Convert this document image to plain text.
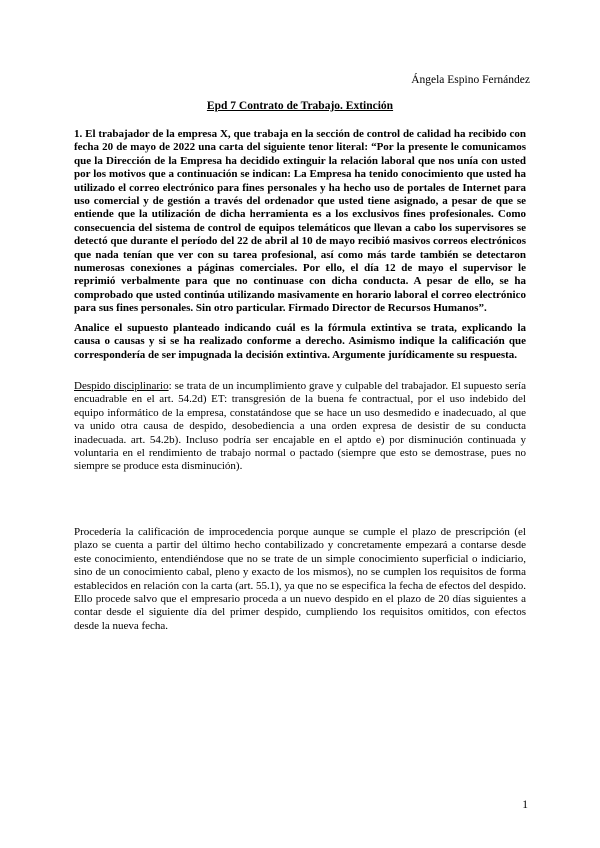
Ángela Espino Fernández
Epd 7 Contrato de Trabajo. Extinción

1. El trabajador de la empresa X, que trabaja en la sección de control de calidad ha recibido con fecha 20 de mayo de 2022 una carta del siguiente tenor literal: “Por la presente le comunicamos que la Dirección de la Empresa ha decidido extinguir la relación laboral que nos unía con usted por los motivos que a continuación se indican: La Empresa ha tenido conocimiento que usted ha utilizado el correo electrónico para fines personales y ha hecho uso de portales de Internet para uso comercial y de gestión a través del ordenador que usted tiene asignado, a pesar de que se entiende que la utilización de dicha herramienta es a los exclusivos fines profesionales. Como consecuencia del sistema de control de equipos telemáticos que llevan a cabo los supervisores se detectó que durante el período del 22 de abril al 10 de mayo recibió masivos correos electrónicos que nada tenían que ver con su tarea profesional, así como más tarde también se detectaron numerosas conexiones a páginas comerciales. Por ello, el día 12 de mayo el supervisor le reprimió verbalmente para que no continuase con dicha conducta. A pesar de ello, se ha comprobado que usted continúa utilizando masivamente en horario laboral el correo electrónico para sus fines personales. Sin otro particular. Firmado Director de Recursos Humanos”.

Analice el supuesto planteado indicando cuál es la fórmula extintiva se trata, explicando la causa o causas y si se ha realizado conforme a derecho. Asimismo indique la calificación que correspondería de ser impugnada la decisión extintiva. Argumente jurídicamente su respuesta.

Despido disciplinario: se trata de un incumplimiento grave y culpable del trabajador. El supuesto sería encuadrable en el art. 54.2d) ET: transgresión de la buena fe contractual, por el uso indebido del equipo informático de la empresa, constatándose que se hace un uso desmedido e inadecuado, al que va unido otra causa de despido, desobediencia a una orden expresa de desistir de su conducta inadecuada. art. 54.2b). Incluso podría ser encajable en el aptdo e) por disminución continuada y voluntaria en el rendimiento de trabajo normal o pactado (siempre que esto se demostrase, pues no siempre se produce esta disminución).

Procedería la calificación de improcedencia porque aunque se cumple el plazo de prescripción (el plazo se cuenta a partir del último hecho contabilizado y concretamente empezará a contarse desde este conocimiento, entendiéndose que no se trate de un simple conocimiento superficial o indiciario, sino de un conocimiento cabal, pleno y exacto de los mismos), no se cumplen los requisitos de forma establecidos en relación con la carta (art. 55.1), ya que no se especifica la fecha de efectos del despido. Ello procede salvo que el empresario proceda a un nuevo despido en el plazo de 20 días siguientes a contar desde el siguiente día del primer despido, cumpliendo los requisitos omitidos, con efectos desde la nueva fecha.

1
